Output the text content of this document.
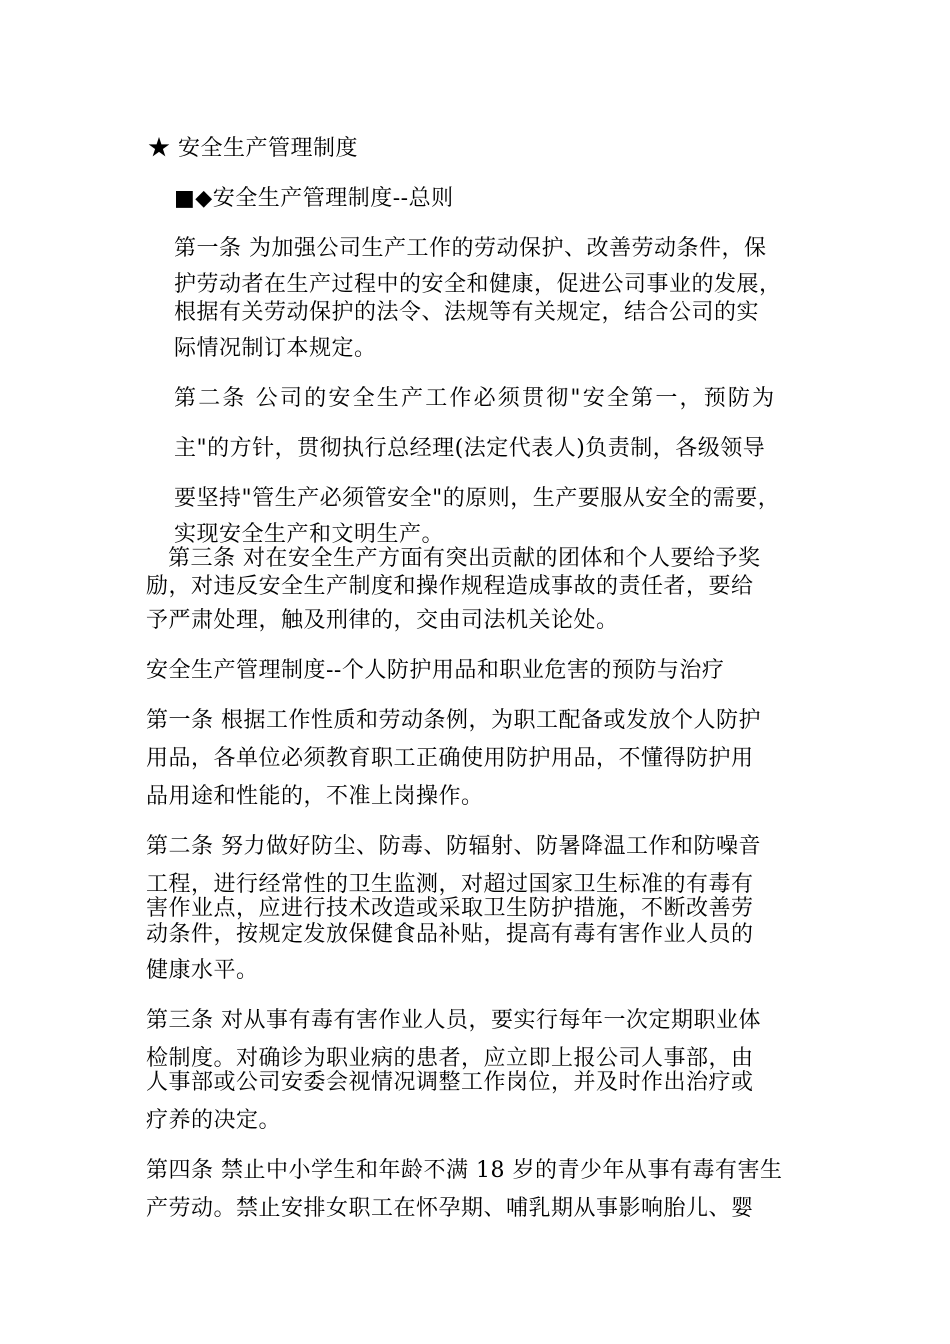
★ 安全生产管理制度
■◆安全生产管理制度--总则
第一条 为加强公司生产工作的劳动保护、改善劳动条件，保
护劳动者在生产过程中的安全和健康，促进公司事业的发展，
根据有关劳动保护的法令、法规等有关规定，结合公司的实
际情况制订本规定。
第二条 公司的安全生产工作必须贯彻"安全第一，预防为
主"的方针，贯彻执行总经理(法定代表人)负责制，各级领导
要坚持"管生产必须管安全"的原则，生产要服从安全的需要，
实现安全生产和文明生产。
第三条 对在安全生产方面有突出贡献的团体和个人要给予奖
励，对违反安全生产制度和操作规程造成事故的责任者，要给
予严肃处理，触及刑律的，交由司法机关论处。
安全生产管理制度--个人防护用品和职业危害的预防与治疗
第一条 根据工作性质和劳动条例，为职工配备或发放个人防护
用品，各单位必须教育职工正确使用防护用品，不懂得防护用
品用途和性能的，不准上岗操作。
第二条 努力做好防尘、防毒、防辐射、防暑降温工作和防噪音
工程，进行经常性的卫生监测，对超过国家卫生标准的有毒有
害作业点，应进行技术改造或采取卫生防护措施，不断改善劳
动条件，按规定发放保健食品补贴，提高有毒有害作业人员的
健康水平。
第三条 对从事有毒有害作业人员，要实行每年一次定期职业体
检制度。对确诊为职业病的患者，应立即上报公司人事部，由
人事部或公司安委会视情况调整工作岗位，并及时作出治疗或
疗养的决定。
第四条 禁止中小学生和年龄不满 18 岁的青少年从事有毒有害生
产劳动。禁止安排女职工在怀孕期、哺乳期从事影响胎儿、婴
